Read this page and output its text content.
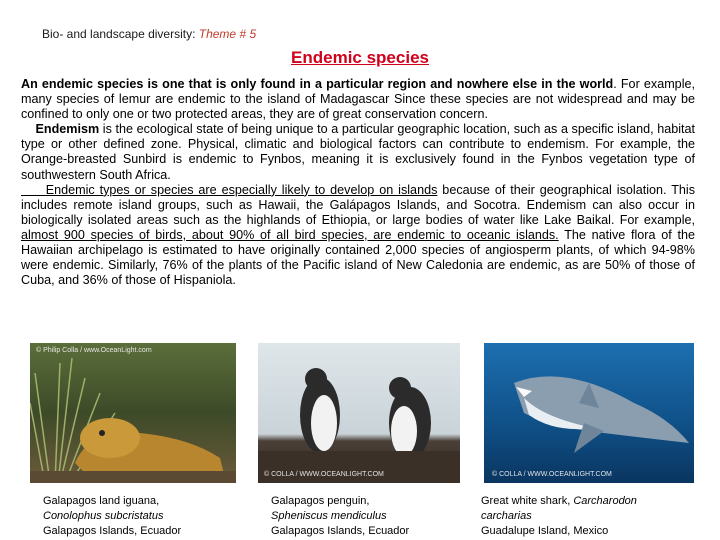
Bio- and landscape diversity: Theme # 5
Endemic species

An endemic species is one that is only found in a particular region and nowhere else in the world. For example, many species of lemur are endemic to the island of Madagascar Since these species are not widespread and may be confined to only one or two protected areas, they are of great conservation concern.

Endemism is the ecological state of being unique to a particular geographic location, such as a specific island, habitat type or other defined zone. Physical, climatic and biological factors can contribute to endemism. For example, the Orange-breasted Sunbird is endemic to Fynbos, meaning it is exclusively found in the Fynbos vegetation type of southwestern South Africa.

Endemic types or species are especially likely to develop on islands because of their geographical isolation. This includes remote island groups, such as Hawaii, the Galápagos Islands, and Socotra. Endemism can also occur in biologically isolated areas such as the highlands of Ethiopia, or large bodies of water like Lake Baikal. For example, almost 900 species of birds, about 90% of all bird species, are endemic to oceanic islands. The native flora of the Hawaiian archipelago is estimated to have originally contained 2,000 species of angiosperm plants, of which 94-98% were endemic. Similarly, 76% of the plants of the Pacific island of New Caledonia are endemic, as are 50% of those of Cuba, and 36% of those of Hispaniola.

© Philip Colla / www.OceanLight.com
© COLLA / WWW.OCEANLIGHT.COM	© COLLA / WWW.OCEANLIGHT.COM
Galapagos land iguana,
Conolophus subcristatus
Galapagos Islands, Ecuador
Galapagos penguin,
Spheniscus mendiculus
Galapagos Islands, Ecuador
Great white shark, Carcharodon
carcharias
Guadalupe Island, Mexico
